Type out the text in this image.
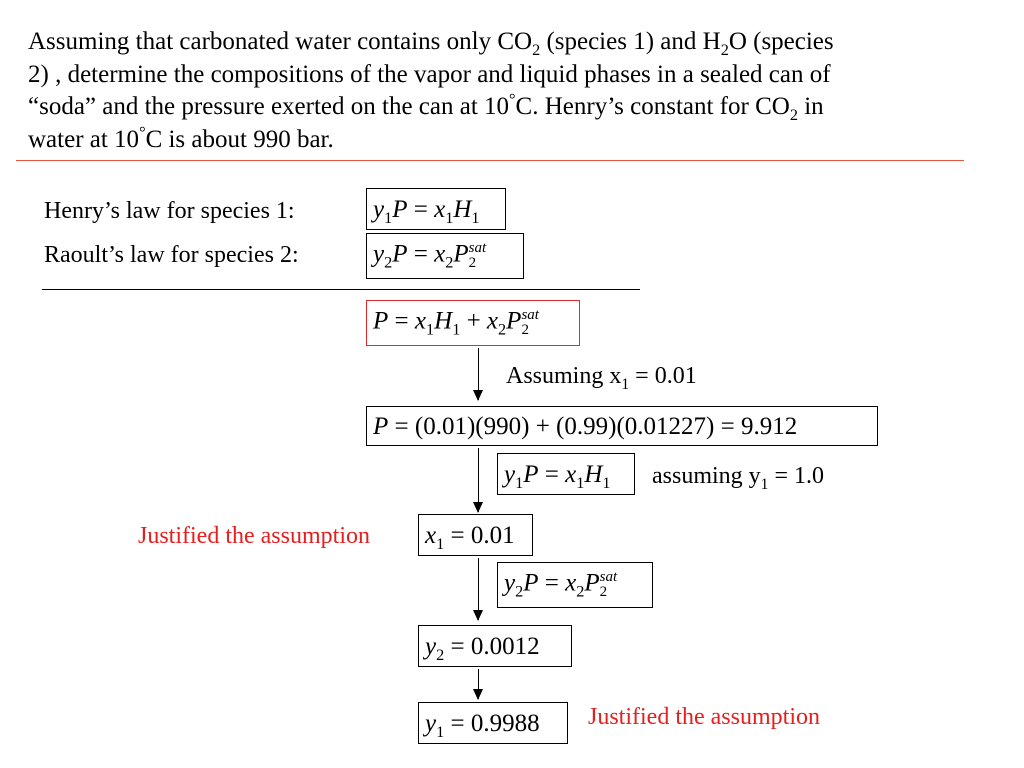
Assuming that carbonated water contains only $CO_2$ (species 1) and $H_2O$ (species
2) , determine the compositions of the vapor and liquid phases in a sealed can of
“soda” and the pressure exerted on the can at 10°C. Henry’s constant for $CO_2$ in
water at 10°C is about 990 bar.
Henry’s law for species 1:	$y_1P = x_1H_1$
Raoult’s law for species 2:	$y_2P = x_2P$ sat
2
$P = x_1H_1 + x_2P$ sat
2
Assuming $x_1 = 0.01$
P = (0.01)(990) + (0.99)(0.01227) = 9.912
$y_1P = x_1H_1$ assuming $y_1 = 1.0$
Justified the assumption $x_1 = 0.01$
$y_2P = x_2P$ sat
2
$y_2 = 0.0012$
$y_1 = 0.9988$ Justified the assumption
